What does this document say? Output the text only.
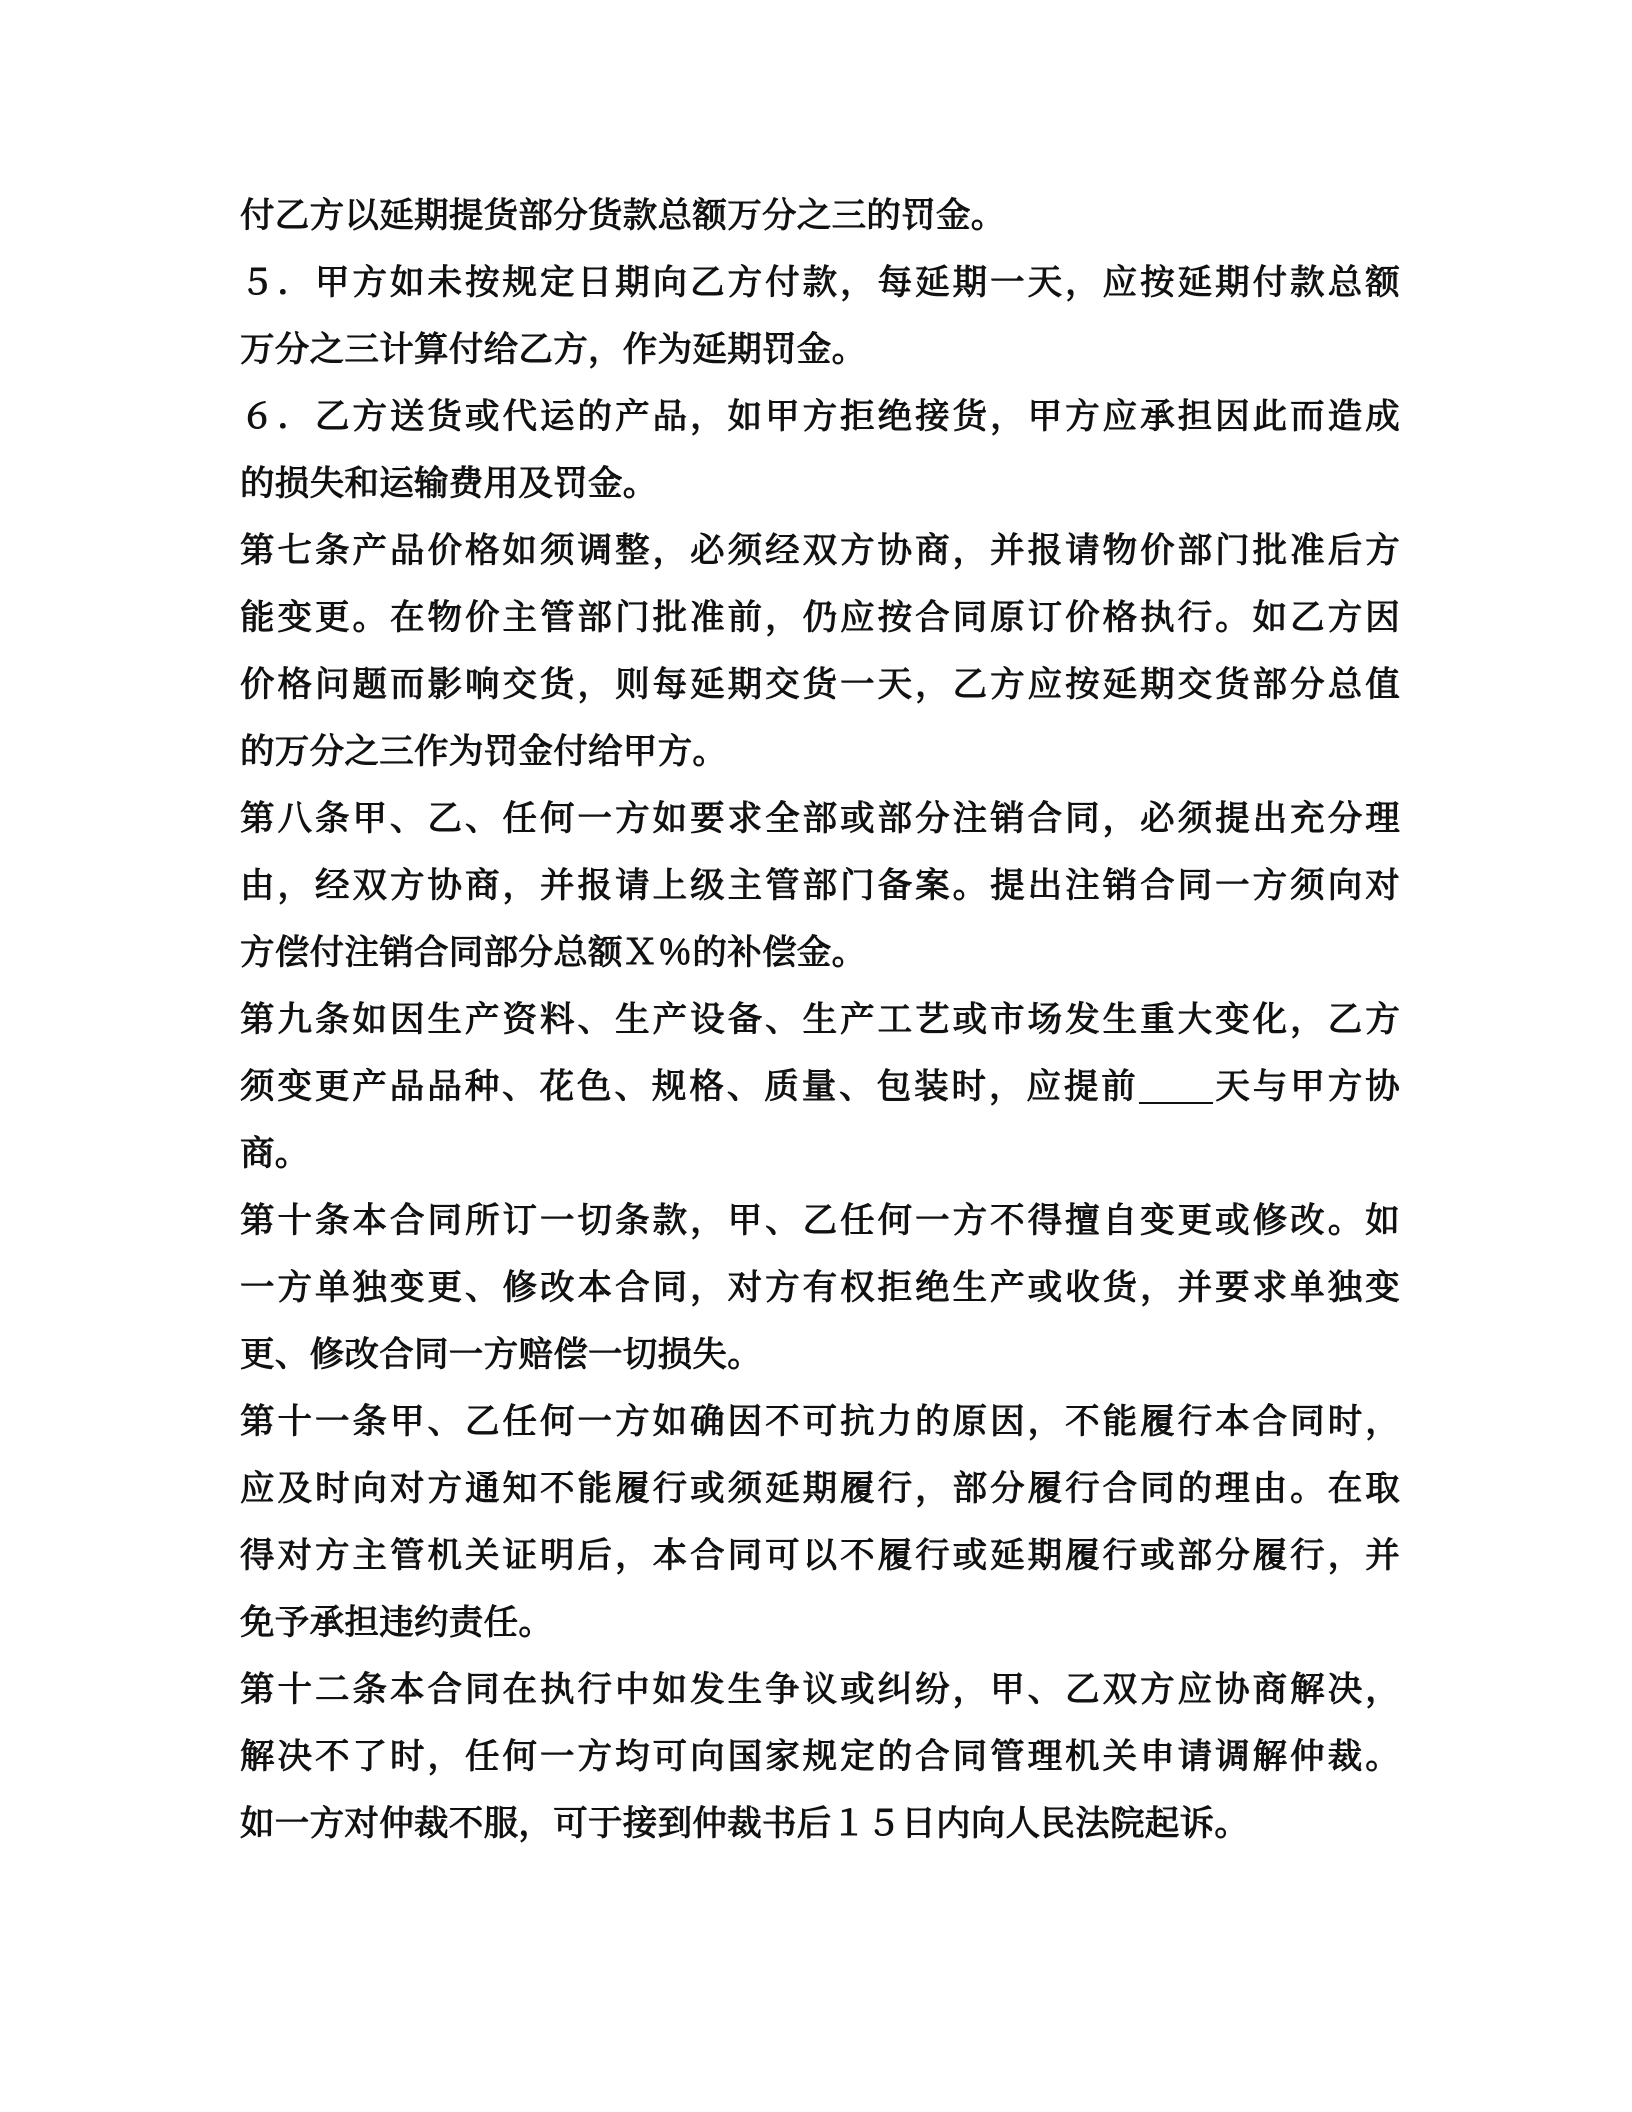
付乙方以延期提货部分货款总额万分之三的罚金。

５．甲方如未按规定日期向乙方付款，每延期一天，应按延期付款总额
万分之三计算付给乙方，作为延期罚金。

６．乙方送货或代运的产品，如甲方拒绝接货，甲方应承担因此而造成
的损失和运输费用及罚金。

第七条产品价格如须调整，必须经双方协商，并报请物价部门批准后方
能变更。在物价主管部门批准前，仍应按合同原订价格执行。如乙方因
价格问题而影响交货，则每延期交货一天，乙方应按延期交货部分总值
的万分之三作为罚金付给甲方。

第八条甲、乙、任何一方如要求全部或部分注销合同，必须提出充分理
由，经双方协商，并报请上级主管部门备案。提出注销合同一方须向对
方偿付注销合同部分总额Ｘ％的补偿金。

第九条如因生产资料、生产设备、生产工艺或市场发生重大变化，乙方
须变更产品品种、花色、规格、质量、包装时，应提前 天与甲方协
商。

第十条本合同所订一切条款，甲、乙任何一方不得擅自变更或修改。如
一方单独变更、修改本合同，对方有权拒绝生产或收货，并要求单独变
更、修改合同一方赔偿一切损失。

第十一条甲、乙任何一方如确因不可抗力的原因，不能履行本合同时，
应及时向对方通知不能履行或须延期履行，部分履行合同的理由。在取
得对方主管机关证明后，本合同可以不履行或延期履行或部分履行，并
免予承担违约责任。

第十二条本合同在执行中如发生争议或纠纷，甲、乙双方应协商解决，
解决不了时，任何一方均可向国家规定的合同管理机关申请调解仲裁。
如一方对仲裁不服，可于接到仲裁书后１５日内向人民法院起诉。
